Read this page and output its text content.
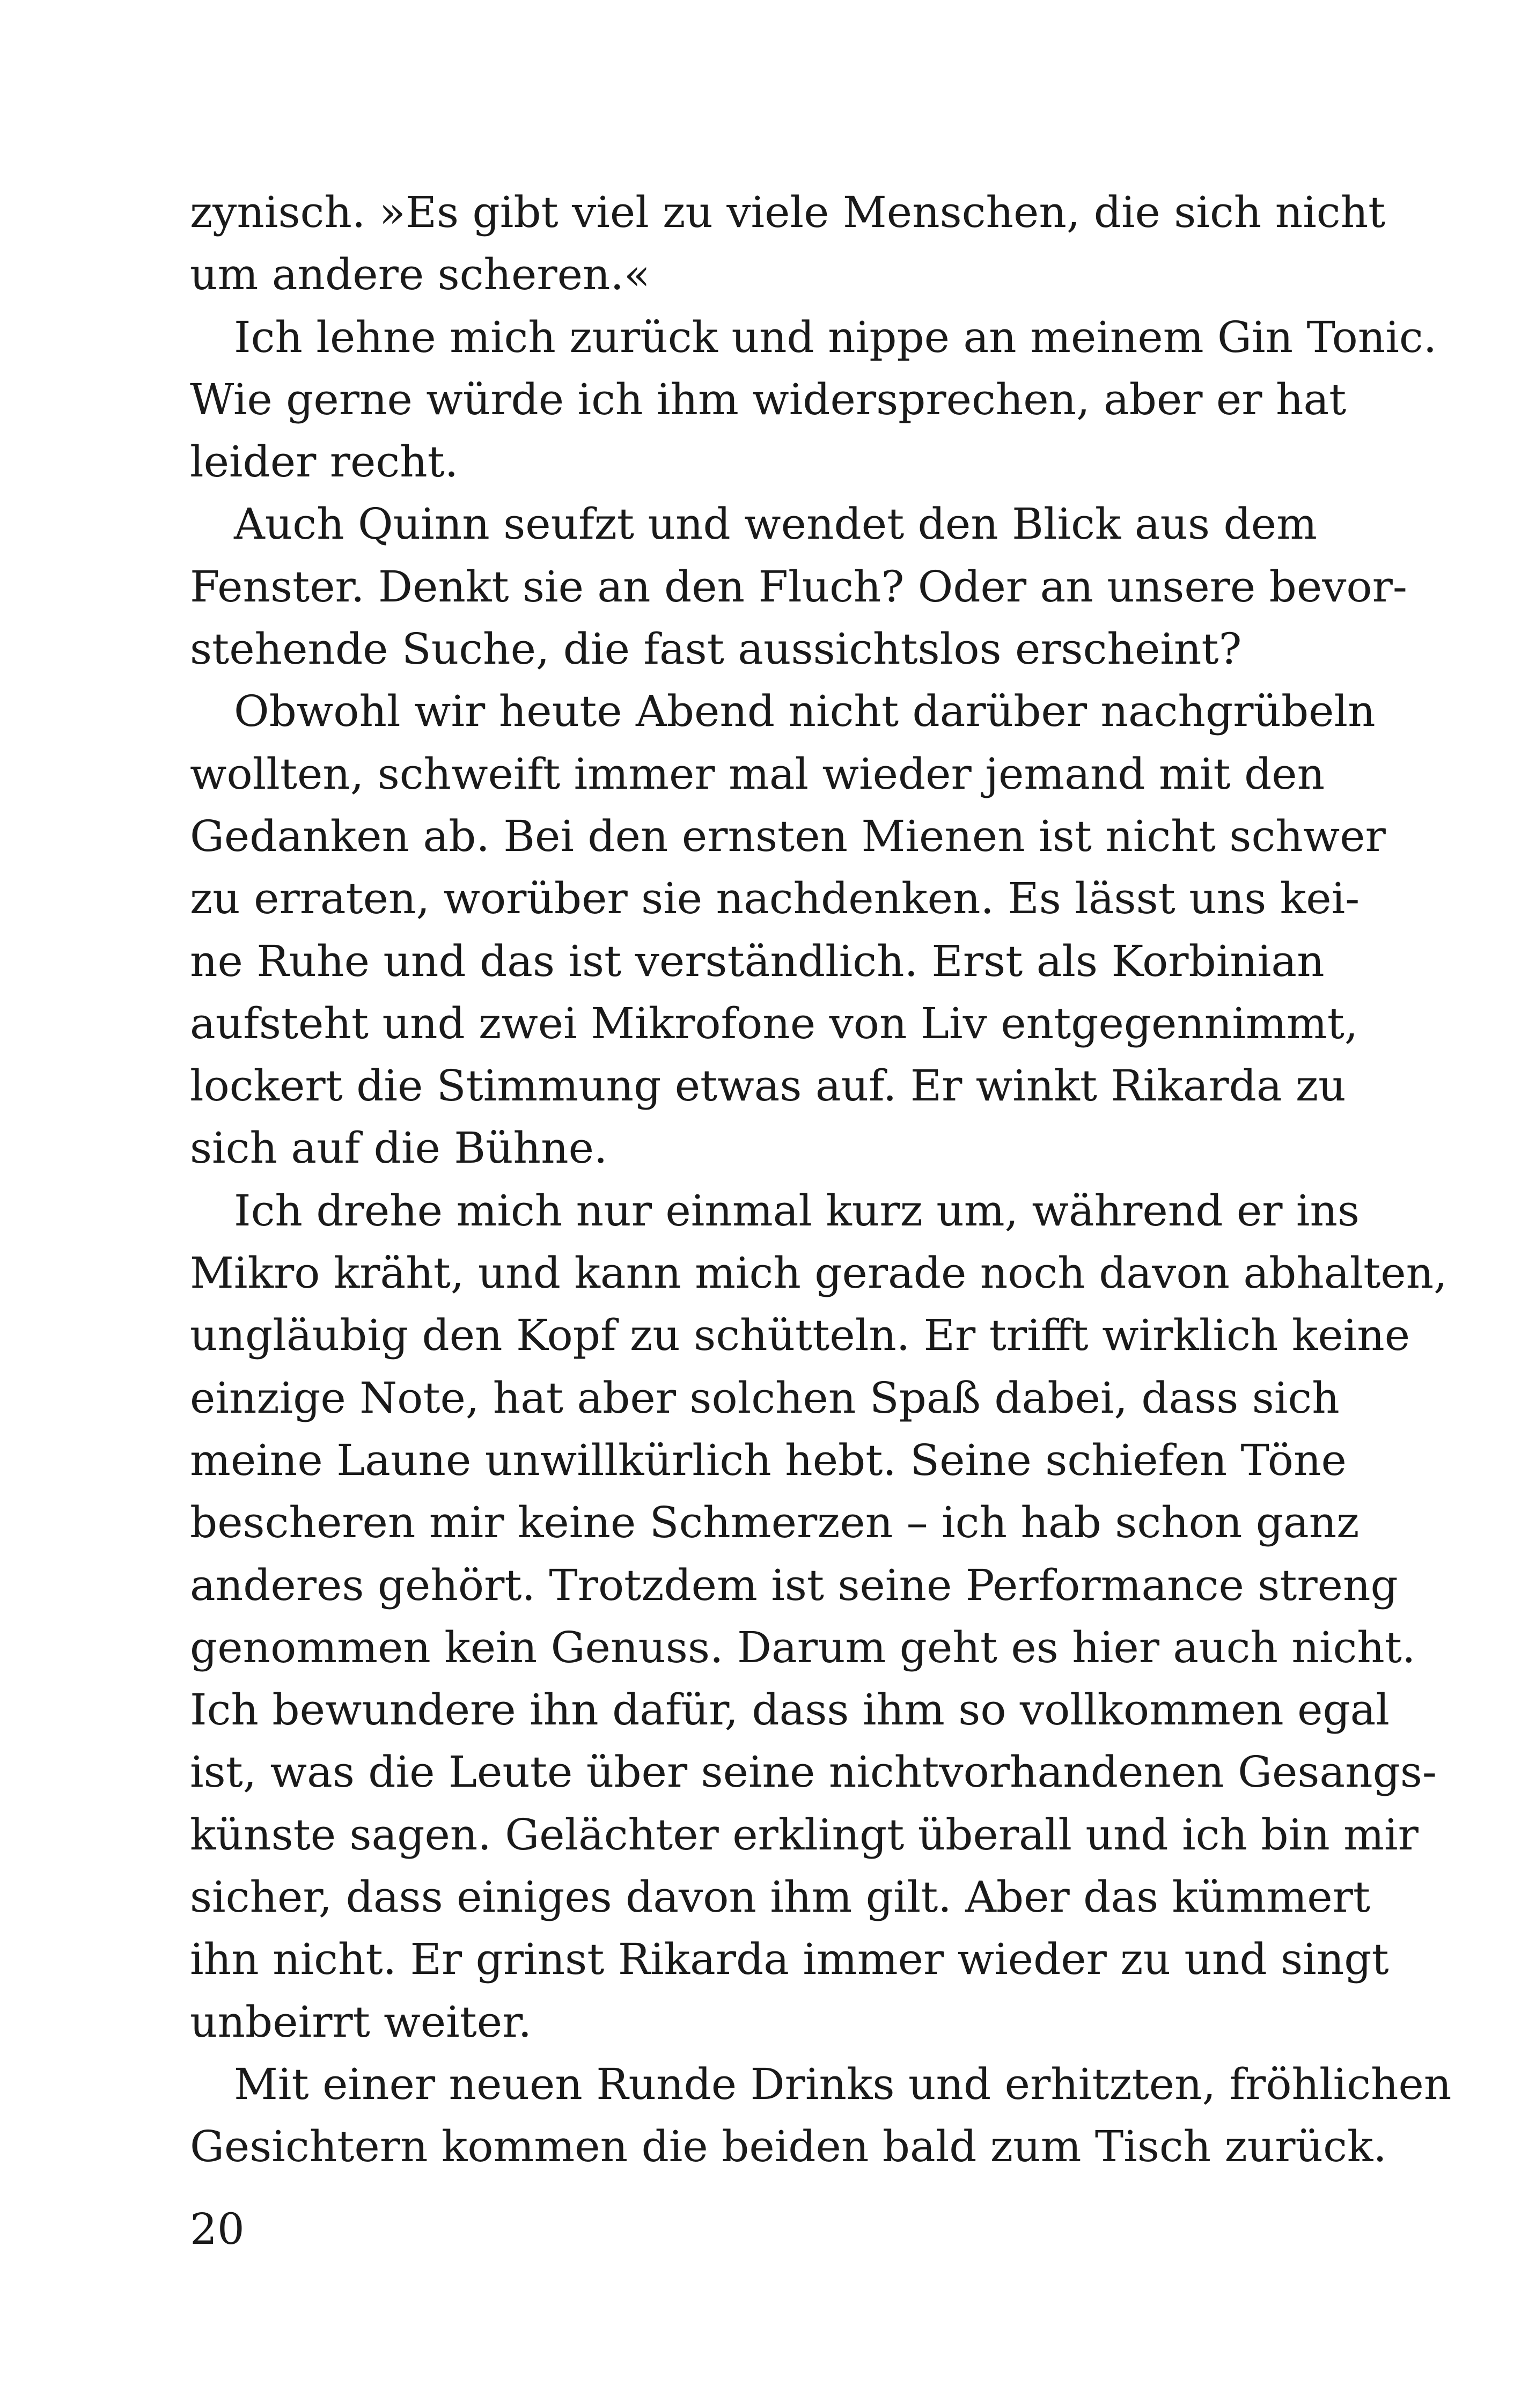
zynisch. »Es gibt viel zu viele Menschen, die sich nicht
um andere scheren.«
Ich lehne mich zurück und nippe an meinem Gin Tonic.
Wie gerne würde ich ihm widersprechen, aber er hat
leider recht.
Auch Quinn seufzt und wendet den Blick aus dem
Fenster. Denkt sie an den Fluch? Oder an unsere bevor-
stehende Suche, die fast aussichtslos erscheint?
Obwohl wir heute Abend nicht darüber nachgrübeln
wollten, schweift immer mal wieder jemand mit den
Gedanken ab. Bei den ernsten Mienen ist nicht schwer
zu erraten, worüber sie nachdenken. Es lässt uns kei-
ne Ruhe und das ist verständlich. Erst als Korbinian
aufsteht und zwei Mikrofone von Liv entgegennimmt,
lockert die Stimmung etwas auf. Er winkt Rikarda zu
sich auf die Bühne.
Ich drehe mich nur einmal kurz um, während er ins
Mikro kräht, und kann mich gerade noch davon abhalten,
ungläubig den Kopf zu schütteln. Er trifft wirklich keine
einzige Note, hat aber solchen Spaß dabei, dass sich
meine Laune unwillkürlich hebt. Seine schiefen Töne
bescheren mir keine Schmerzen – ich hab schon ganz
anderes gehört. Trotzdem ist seine Performance streng
genommen kein Genuss. Darum geht es hier auch nicht.
Ich bewundere ihn dafür, dass ihm so vollkommen egal
ist, was die Leute über seine nichtvorhandenen Gesangs-
künste sagen. Gelächter erklingt überall und ich bin mir
sicher, dass einiges davon ihm gilt. Aber das kümmert
ihn nicht. Er grinst Rikarda immer wieder zu und singt
unbeirrt weiter.
Mit einer neuen Runde Drinks und erhitzten, fröhlichen
Gesichtern kommen die beiden bald zum Tisch zurück.
20
